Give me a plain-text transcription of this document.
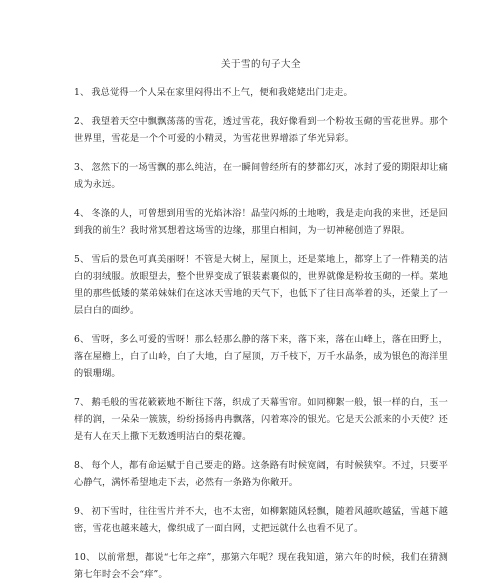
关于雪的句子大全

1、 我总觉得一个人呆在家里闷得出不上气，便和我姥姥出门走走。

2、 我望着天空中飘飘荡荡的雪花，透过雪花，我好像看到一个粉妆玉砌的雪花世界。那个世界里，雪花是一个个可爱的小精灵，为雪花世界增添了华光异彩。

3、 忽然下的一场雪飘的那么纯洁，在一瞬间曾经所有的梦都幻灭，冰封了爱的期限却让痛成为永远。

4、 冬涤的人，可曾想到用雪的光焰沐浴！晶莹闪烁的土地哟，我是走向我的来世，还是回到我的前生？我时常冥想着这场雪的边缘，那里白相间，为一切神秘创造了界限。

5、 雪后的景色可真美丽呀！不管是大树上，屋顶上，还是菜地上，都穿上了一件精美的洁白的羽绒服。放眼望去，整个世界变成了银装素裹似的，世界就像是粉妆玉砌的一样。菜地里的那些低矮的菜弟妹妹们在这冰天雪地的天气下，也低下了往日高举着的头，还蒙上了一层白白的面纱。

6、 雪呀，多么可爱的雪呀！那么轻那么静的落下来，落下来，落在山峰上，落在田野上，落在屋檐上，白了山岭，白了大地，白了屋顶，万千枝下，万千水晶条，成为银色的海洋里的银珊瑚。

7、 鹅毛般的雪花簌簌地不断往下落，织成了天幕雪帘。如同柳絮一般，银一样的白，玉一样的润，一朵朵一簇簇，纷纷扬扬冉冉飘落，闪着寒冷的银光。它是天公派来的小天使？还是有人在天上撒下无数透明洁白的梨花瓣。

8、 每个人，都有命运赋于自己要走的路。这条路有时候宽阔，有时候狭窄。不过，只要平心静气，满怀希望地走下去，必然有一条路为你敞开。

9、 初下雪时，往往雪片并不大，也不太密，如柳絮随风轻飘，随着风越吹越猛，雪越下越密，雪花也越来越大，像织成了一面白网，丈把远就什么也看不见了。

10、 以前常想，都说“七年之痒”，那第六年呢？现在我知道，第六年的时候，我们在猜测第七年时会不会“痒”。
